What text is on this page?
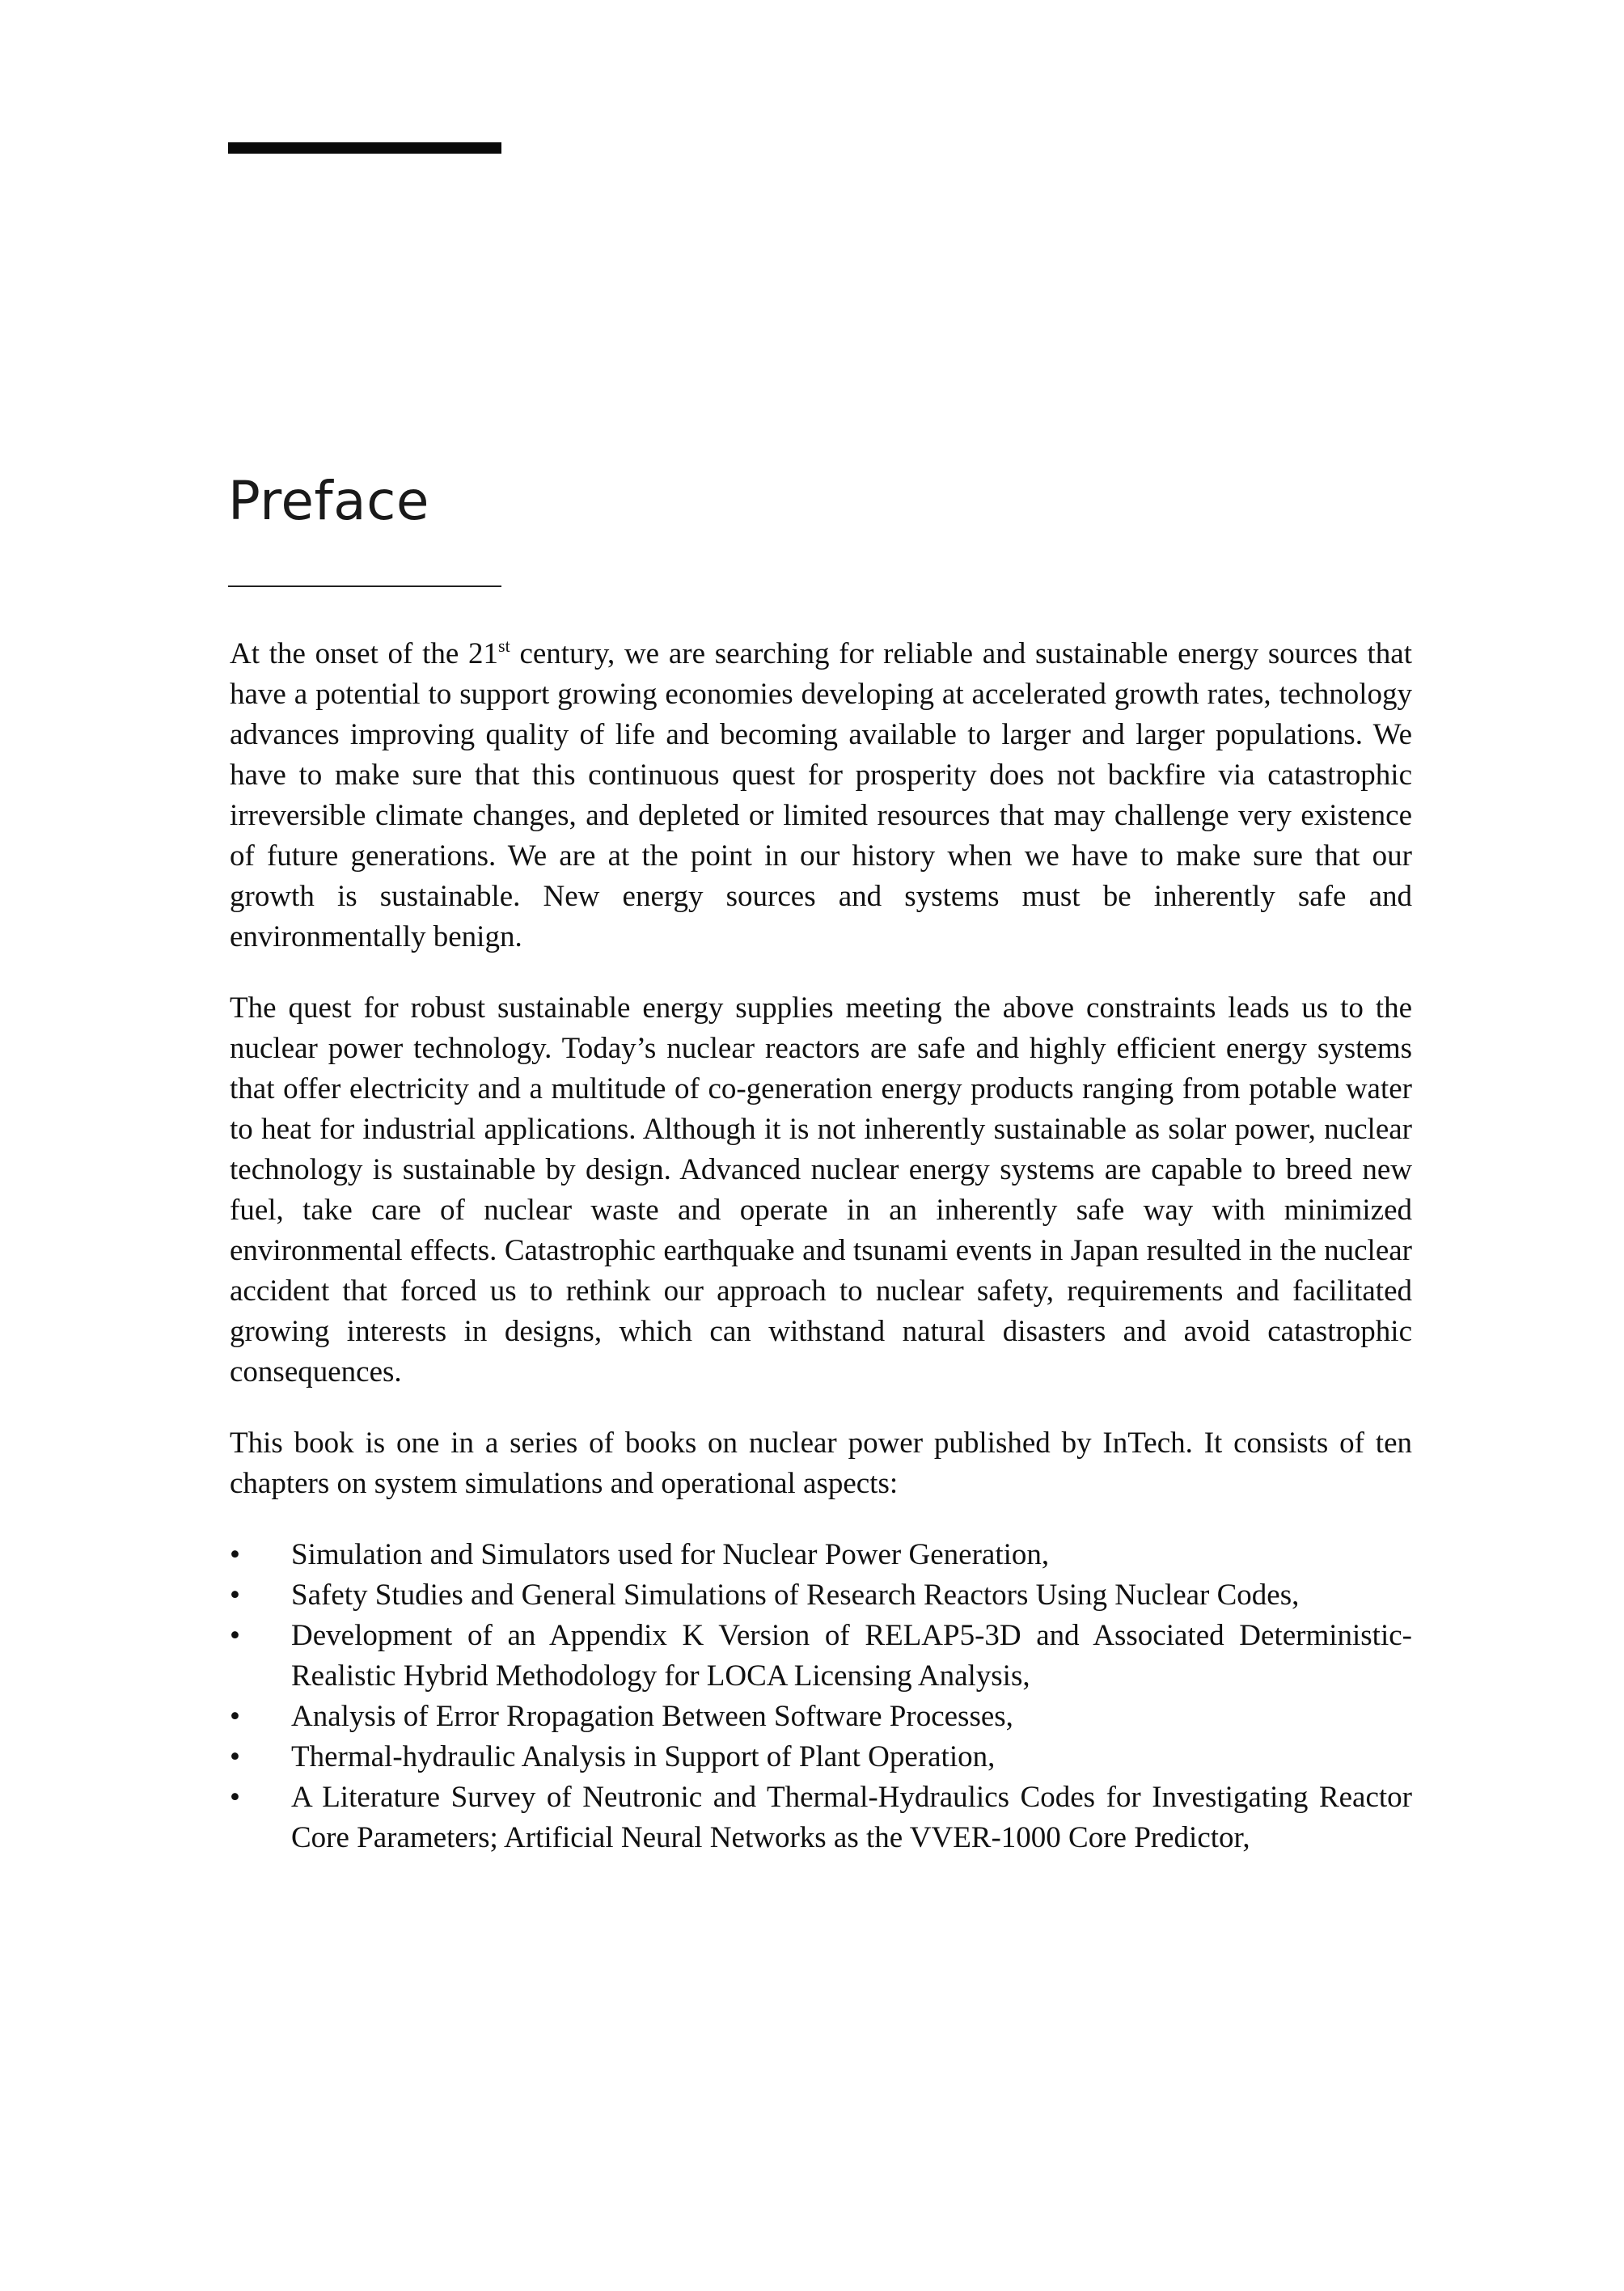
Preface

At the onset of the 21st century, we are searching for reliable and sustainable energy sources that have a potential to support growing economies developing at accelerated growth rates, technology advances improving quality of life and becoming available to larger and larger populations. We have to make sure that this continuous quest for prosperity does not backfire via catastrophic irreversible climate changes, and depleted or limited resources that may challenge very existence of future generations. We are at the point in our history when we have to make sure that our growth is sustainable. New energy sources and systems must be inherently safe and environmentally benign.

The quest for robust sustainable energy supplies meeting the above constraints leads us to the nuclear power technology. Today’s nuclear reactors are safe and highly efficient energy systems that offer electricity and a multitude of co-generation energy products ranging from potable water to heat for industrial applications. Although it is not inherently sustainable as solar power, nuclear technology is sustainable by design. Advanced nuclear energy systems are capable to breed new fuel, take care of nuclear waste and operate in an inherently safe way with minimized environmental effects. Catastrophic earthquake and tsunami events in Japan resulted in the nuclear accident that forced us to rethink our approach to nuclear safety, requirements and facilitated growing interests in designs, which can withstand natural disasters and avoid catastrophic consequences.

This book is one in a series of books on nuclear power published by InTech. It consists of ten chapters on system simulations and operational aspects:

•	Simulation and Simulators used for Nuclear Power Generation,
•	Safety Studies and General Simulations of Research Reactors Using Nuclear Codes,
•	Development of an Appendix K Version of RELAP5-3D and Associated Deterministic-Realistic Hybrid Methodology for LOCA Licensing Analysis,
•	Analysis of Error Rropagation Between Software Processes,
•	Thermal-hydraulic Analysis in Support of Plant Operation,
•	A Literature Survey of Neutronic and Thermal-Hydraulics Codes for Investigating Reactor Core Parameters; Artificial Neural Networks as the VVER-1000 Core Predictor,
